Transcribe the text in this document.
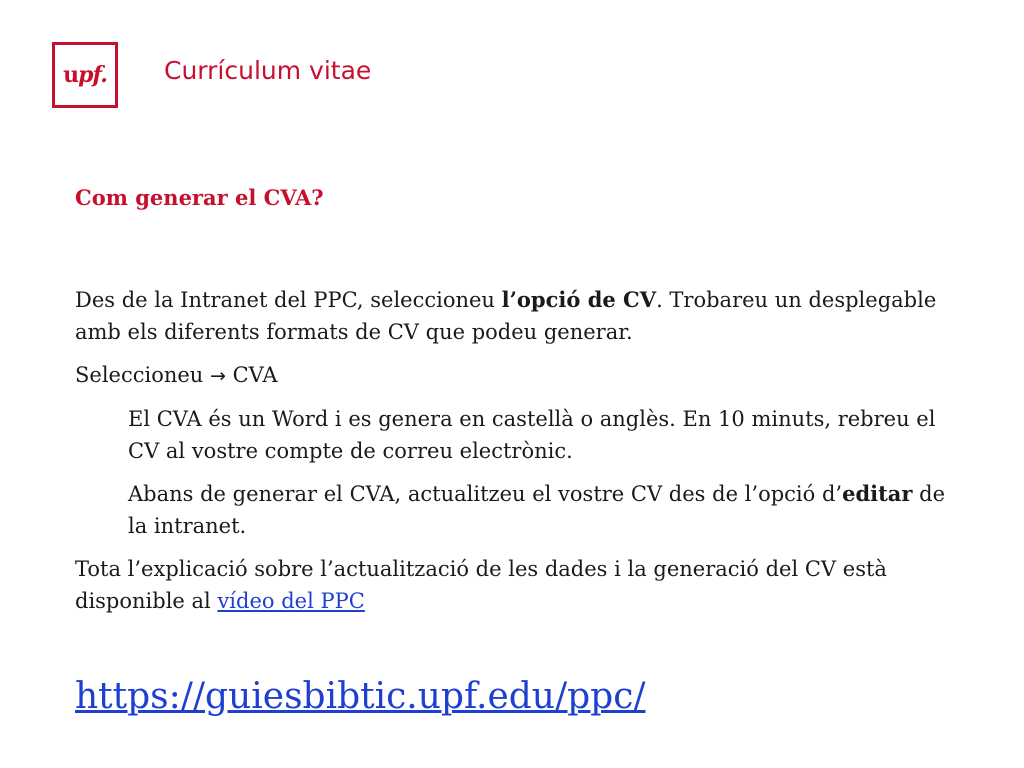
u pf. Currículum vitae
Com generar el CVA?

Des de la Intranet del PPC, seleccioneu l’opció de CV. Trobareu un desplegable amb els diferents formats de CV que podeu generar.

Seleccioneu → CVA

El CVA és un Word i es genera en castellà o anglès. En 10 minuts, rebreu el CV al vostre compte de correu electrònic.

Abans de generar el CVA, actualitzeu el vostre CV des de l’opció d’editar de la intranet.

Tota l’explicació sobre l’actualització de les dades i la generació del CV està disponible al vídeo del PPC

https://guiesbibtic.upf.edu/ppc/
